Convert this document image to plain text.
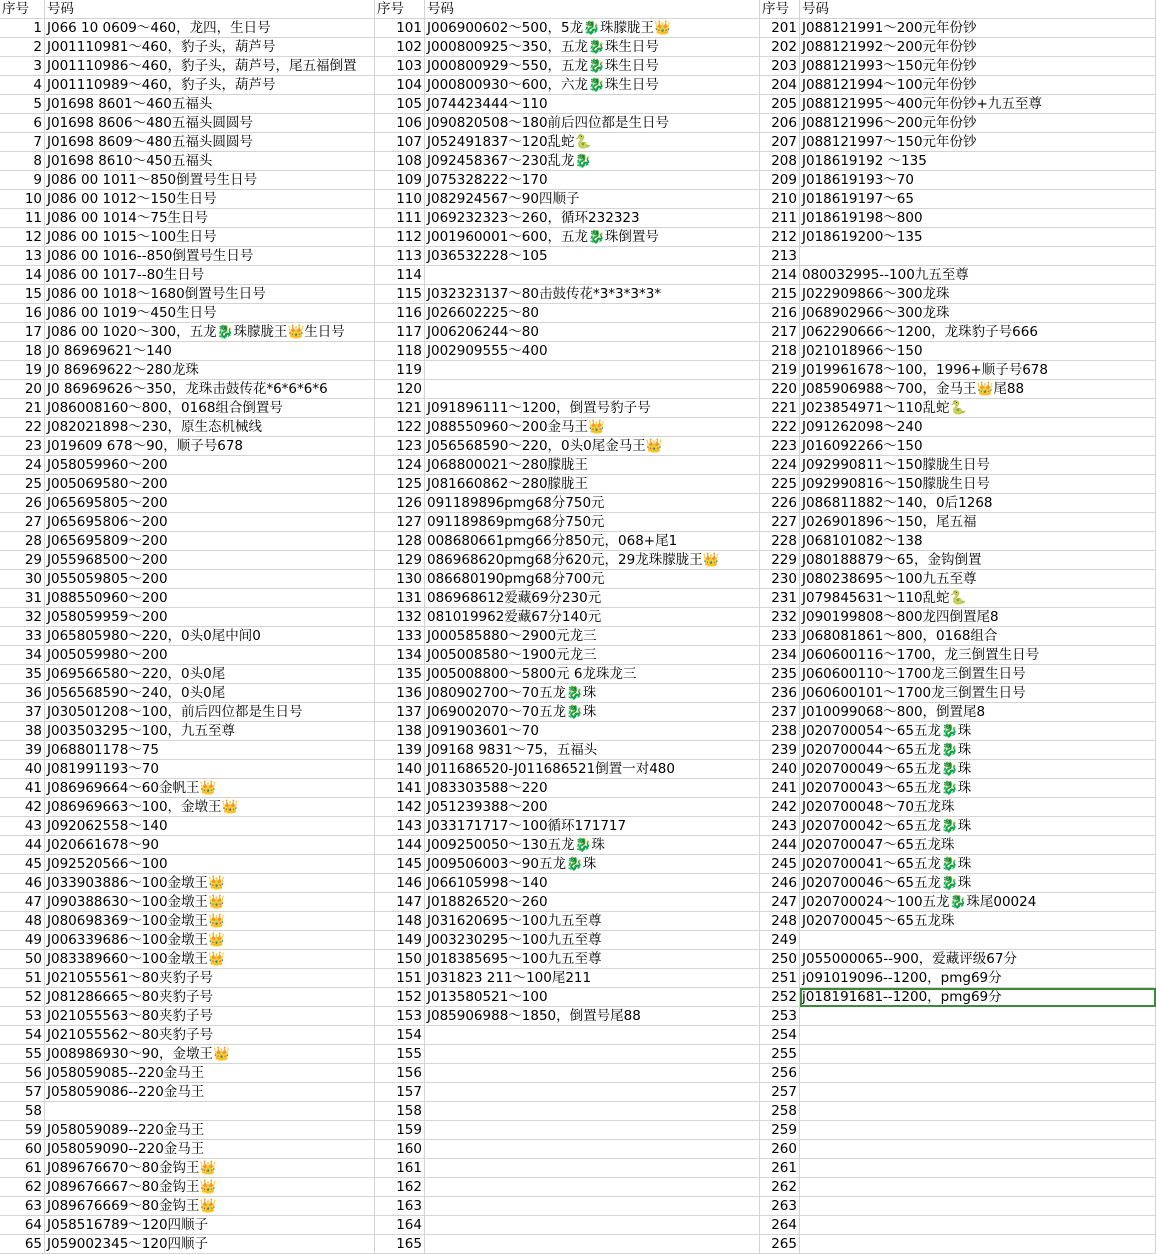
序号	号码
1 J066 10 0609～460，龙四，生日号
2 J001110981～460，豹子头，葫芦号
3 J001110986～460，豹子头，葫芦号，尾五福倒置
4 J001110989～460，豹子头，葫芦号
5 J01698 8601～460五福头
6 J01698 8606～480五福头圆圆号
7 J01698 8609～480五福头圆圆号
8 J01698 8610～450五福头
9 J086 00 1011～850倒置号生日号
10 J086 00 1012～150生日号
11 J086 00 1014～75生日号
12 J086 00 1015～100生日号
13 J086 00 1016--850倒置号生日号
14 J086 00 1017--80生日号
15 J086 00 1018～1680倒置号生日号
16 J086 00 1019～450生日号
17 J086 00 1020～300，五龙🐉珠朦胧王👑生日号
18 J0 86969621～140
19 J0 86969622～280龙珠
20 J0 86969626～350，龙珠击鼓传花*6*6*6*6
21 J086008160～800，0168组合倒置号
22 J082021898～230，原生态机械线
23 J019609 678～90，顺子号678
24 J058059960～200
25 J005069580～200
26 J065695805～200
27 J065695806～200
28 J065695809～200
29 J055968500～200
30 J055059805～200
31 J088550960～200
32 J058059959～200
33 J065805980～220，0头0尾中间0
34 J005059980～200
35 J069566580～220，0头0尾
36 J056568590～240，0头0尾
37 J030501208～100，前后四位都是生日号
38 J003503295～100，九五至尊
39 J068801178～75
40 J081991193～70
41 J086969664～60金帆王👑
42 J086969663～100，金墩王👑
43 J092062558～140
44 J020661678～90
45 J092520566～100
46 J033903886～100金墩王👑
47 J090388630～100金墩王👑
48 J080698369～100金墩王👑
49 J006339686～100金墩王👑
50 J083389660～100金墩王👑
51 J021055561～80夹豹子号
52 J081286665～80夹豹子号
53 J021055563～80夹豹子号
54 J021055562～80夹豹子号
55 J008986930～90，金墩王👑
56 J058059085--220金马王
57 J058059086--220金马王
58
59 J058059089--220金马王
60 J058059090--220金马王
61 J089676670～80金钩王👑
62 J089676667～80金钩王👑
63 J089676669～80金钩王👑
64 J058516789～120四顺子
65 J059002345～120四顺子
序号	号码
101 J006900602～500，5龙🐉珠朦胧王👑
102 J000800925～350，五龙🐉珠生日号
103 J000800929～550，五龙🐉珠生日号
104 J000800930～600，六龙🐉珠生日号
105 J074423444～110
106 J090820508～180前后四位都是生日号
107 J052491837～120乱蛇🐍
108 J092458367～230乱龙🐉
109 J075328222～170
110 J082924567～90四顺子
111 J069232323～260，循环232323
112 J001960001～600，五龙🐉珠倒置号
113 J036532228～105
114
115 J032323137～80击鼓传花*3*3*3*3*
116 J026602225～80
117 J006206244～80
118 J002909555～400
119
120
121 J091896111～1200，倒置号豹子号
122 J088550960～200金马王👑
123 J056568590～220，0头0尾金马王👑
124 J068800021～280朦胧王
125 J081660862～280朦胧王
126 091189896pmg68分750元
127 091189869pmg68分750元
128 008680661pmg66分850元，068+尾1
129 086968620pmg68分620元，29龙珠朦胧王👑
130 086680190pmg68分700元
131 086968612爱藏69分230元
132 081019962爱藏67分140元
133 J000585880～2900元龙三
134 J005008580～1900元龙三
135 J005008800～5800元 6龙珠龙三
136 J080902700～70五龙🐉珠
137 J069002070～70五龙🐉珠
138 J091903601～70
139 J09168 9831～75，五福头
140 J011686520-J011686521倒置一对480
141 J083303588～220
142 J051239388～200
143 J033171717～100循环171717
144 J009250050～130五龙🐉珠
145 J009506003～90五龙🐉珠
146 J066105998～140
147 J018826520～260
148 J031620695～100九五至尊
149 J003230295～100九五至尊
150 J018385695～100九五至尊
151 J031823 211～100尾211
152 J013580521～100
153 J085906988～1850，倒置号尾88
154
155
156
157
158
159
160
161
162
163
164
165
序号 号码
201 J088121991～200元年份钞
202 J088121992～200元年份钞
203 J088121993～150元年份钞
204 J088121994～100元年份钞
205 J088121995～400元年份钞+九五至尊
206 J088121996～200元年份钞
207 J088121997～150元年份钞
208 J018619192 ～135
209 J018619193～70
210 J018619197～65
211 J018619198～800
212 J018619200～135
213
214 080032995--100九五至尊
215 J022909866～300龙珠
216 J068902966～300龙珠
217 J062290666～1200，龙珠豹子号666
218 J021018966～150
219 J019961678～100，1996+顺子号678
220 J085906988～700，金马王👑尾88
221 J023854971～110乱蛇🐍
222 J091262098～240
223 J016092266～150
224 J092990811～150朦胧生日号
225 J092990816～150朦胧生日号
226 J086811882～140，0后1268
227 J026901896～150，尾五福
228 J068101082～138
229 J080188879～65，金钩倒置
230 J080238695～100九五至尊
231 J079845631～110乱蛇🐍
232 J090199808～800龙四倒置尾8
233 J068081861～800，0168组合
234 J060600116～1700，龙三倒置生日号
235 J060600110～1700龙三倒置生日号
236 J060600101～1700龙三倒置生日号
237 J010099068～800，倒置尾8
238 J020700054～65五龙🐉珠
239 J020700044～65五龙🐉珠
240 J020700049～65五龙🐉珠
241 J020700043～65五龙🐉珠
242 J020700048～70五龙珠
243 J020700042～65五龙🐉珠
244 J020700047～65五龙珠
245 J020700041～65五龙🐉珠
246 J020700046～65五龙🐉珠
247 J020700024～100五龙🐉珠尾00024
248 J020700045～65五龙珠
249
250 J055000065--900，爱藏评级67分
251 j091019096--1200，pmg69分
252 j018191681--1200，pmg69分
253
254
255
256
257
258
259
260
261
262
263
264
265
